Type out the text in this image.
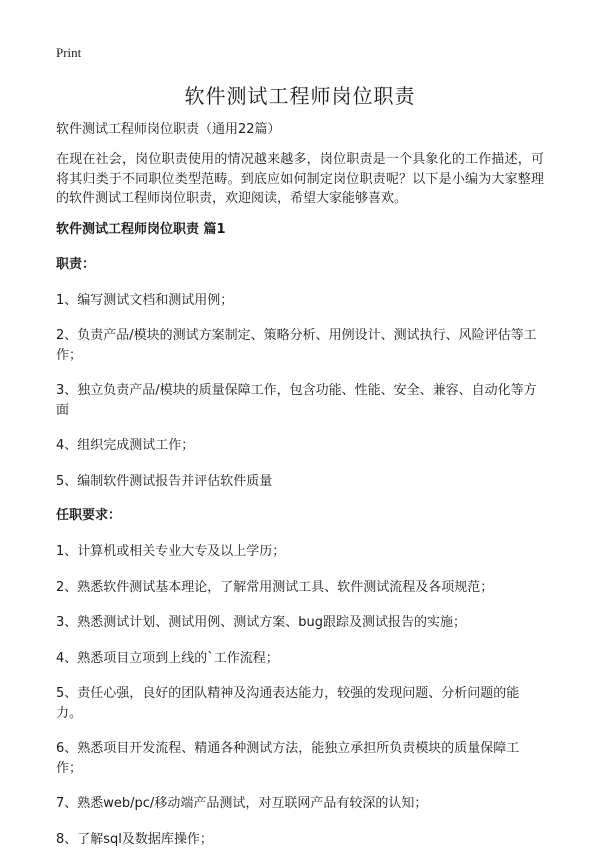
Print
软件测试工程师岗位职责

软件测试工程师岗位职责（通用22篇）

在现在社会，岗位职责使用的情况越来越多，岗位职责是一个具象化的工作描述，可将其归类于不同职位类型范畴。到底应如何制定岗位职责呢？以下是小编为大家整理的软件测试工程师岗位职责，欢迎阅读，希望大家能够喜欢。

软件测试工程师岗位职责 篇1

职责：

1、编写测试文档和测试用例；

2、负责产品/模块的测试方案制定、策略分析、用例设计、测试执行、风险评估等工作；

3、独立负责产品/模块的质量保障工作，包含功能、性能、安全、兼容、自动化等方面

4、组织完成测试工作；

5、编制软件测试报告并评估软件质量

任职要求：

1、计算机或相关专业大专及以上学历；

2、熟悉软件测试基本理论，了解常用测试工具、软件测试流程及各项规范；

3、熟悉测试计划、测试用例、测试方案、bug跟踪及测试报告的实施；

4、熟悉项目立项到上线的`工作流程；

5、责任心强，良好的团队精神及沟通表达能力，较强的发现问题、分析问题的能力。

6、熟悉项目开发流程、精通各种测试方法，能独立承担所负责模块的质量保障工作；

7、熟悉web/pc/移动端产品测试，对互联网产品有较深的认知；

8、了解sql及数据库操作；
